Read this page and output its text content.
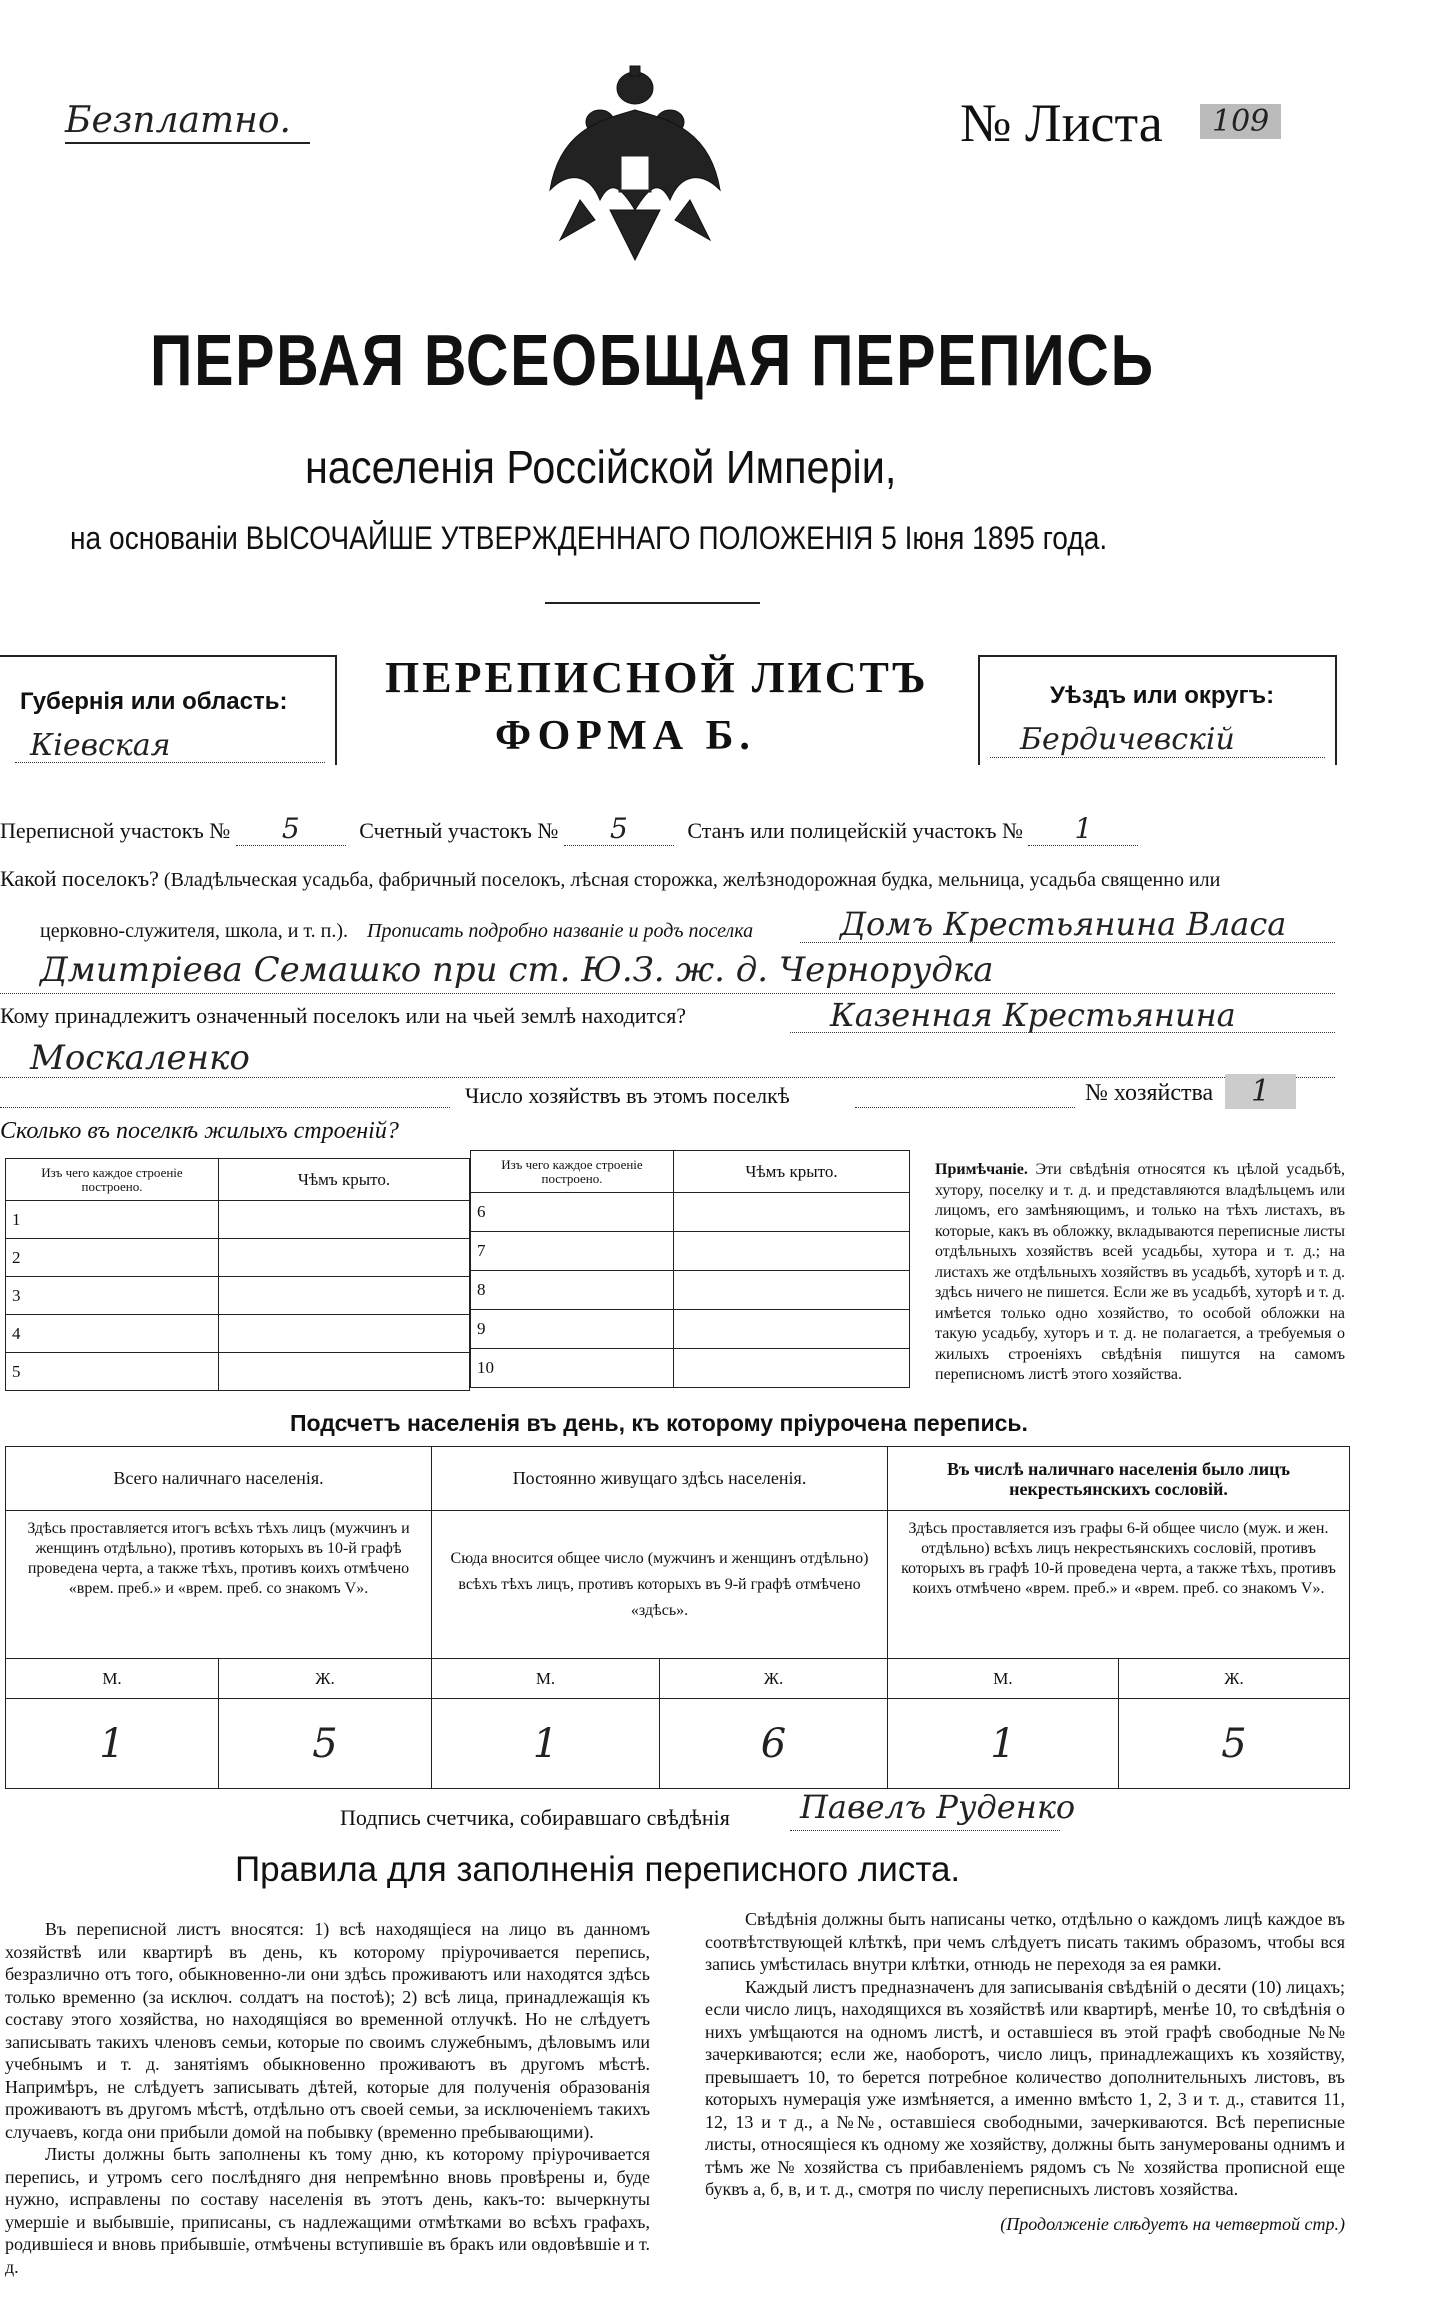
Безплатно.	№ Листа	109
ПЕРВАЯ ВСЕОБЩАЯ ПЕРЕПИСЬ
населенія Россійской Имперіи,
на основаніи ВЫСОЧАЙШЕ УТВЕРЖДЕННАГО ПОЛОЖЕНІЯ 5 Іюня 1895 года.
Губернія или область:
Кіевская
ПЕРЕПИСНОЙ ЛИСТЪ
ФОРМА Б.
Уѣздъ или округъ:
Бердичевскій
Переписной участокъ № 5	Счетный участокъ № 5	Станъ или полицейскій участокъ № 1
Какой поселокъ? (Владѣльческая усадьба, фабричный поселокъ, лѣсная сторожка, желѣзнодорожная будка, мельница, усадьба священно или
церковно-служителя, школа, и т. п.). Прописать подробно названіе и родъ поселка	Домъ Крестьянина Власа
Дмитріева Семашко при ст. Ю.З. ж. д. Чернорудка
Кому принадлежитъ означенный поселокъ или на чьей землѣ находится?	Казенная Крестьянина
Москаленко
Число хозяйствъ въ этомъ поселкѣ	№ хозяйства	1
Сколько въ поселкѣ жилыхъ строеній?
Изъ чего каждое строеніе построено.	Чѣмъ крыто.
1	
2	
3	
4	
5	
Изъ чего каждое строеніе построено.	Чѣмъ крыто.
6	
7	
8	
9	
10	
Примѣчаніе. Эти свѣдѣнія относятся къ цѣлой усадьбѣ, хутору, поселку и т. д. и представляются владѣльцемъ или лицомъ, его замѣняющимъ, и только на тѣхъ листахъ, въ которые, какъ въ обложку, вкладываются переписные листы отдѣльныхъ хозяйствъ всей усадьбы, хутора и т. д.; на листахъ же отдѣльныхъ хозяйствъ въ усадьбѣ, хуторѣ и т. д. здѣсь ничего не пишется. Если же въ усадьбѣ, хуторѣ и т. д. имѣется только одно хозяйство, то особой обложки на такую усадьбу, хуторъ и т. д. не полагается, а требуемыя о жилыхъ строеніяхъ свѣдѣнія пишутся на самомъ переписномъ листѣ этого хозяйства.
Подсчетъ населенія въ день, къ которому пріурочена перепись.
Всего наличнаго населенія.		Постоянно живущаго здѣсь населенія.		Въ числѣ наличнаго населенія было лицъ некрестьянскихъ сословій.	
Здѣсь проставляется итогъ всѣхъ тѣхъ лицъ (мужчинъ и женщинъ отдѣльно), противъ которыхъ въ 10-й графѣ проведена черта, а также тѣхъ, противъ коихъ отмѣчено «врем. преб.» и «врем. преб. со знакомъ V».		Сюда вносится общее число (мужчинъ и женщинъ отдѣльно) всѣхъ тѣхъ лицъ, противъ которыхъ въ 9-й графѣ отмѣчено «здѣсь».		Здѣсь проставляется изъ графы 6-й общее число (муж. и жен. отдѣльно) всѣхъ лицъ некрестьянскихъ сословій, противъ которыхъ въ графѣ 10-й проведена черта, а также тѣхъ, противъ коихъ отмѣчено «врем. преб.» и «врем. преб. со знакомъ V».	
М.	Ж.	М.	Ж.	М.	Ж.
1	5	1	6	1	5
Подпись счетчика, собиравшаго свѣдѣнія Павелъ Руденко
Правила для заполненія переписного листа.
Въ переписной листъ вносятся: 1) всѣ находящіеся на лицо въ данномъ хозяйствѣ или квартирѣ въ день, къ которому пріурочивается перепись, безразлично отъ того, обыкновенно-ли они здѣсь проживаютъ или находятся здѣсь только временно (за исключ. солдатъ на постоѣ); 2) всѣ лица, принадлежащія къ составу этого хозяйства, но находящіяся во временной отлучкѣ. Но не слѣдуетъ записывать такихъ членовъ семьи, которые по своимъ служебнымъ, дѣловымъ или учебнымъ и т. д. занятіямъ обыкновенно проживаютъ въ другомъ мѣстѣ. Напримѣръ, не слѣдуетъ записывать дѣтей, которые для полученія образованія проживаютъ въ другомъ мѣстѣ, отдѣльно отъ своей семьи, за исключеніемъ такихъ случаевъ, когда они прибыли домой на побывку (временно пребывающими).
Листы должны быть заполнены къ тому дню, къ которому пріурочивается перепись, и утромъ сего послѣдняго дня непремѣнно вновь провѣрены и, буде нужно, исправлены по составу населенія въ этотъ день, какъ-то: вычеркнуты умершіе и выбывшіе, приписаны, съ надлежащими отмѣтками во всѣхъ графахъ, родившіеся и вновь прибывшіе, отмѣчены вступившіе въ бракъ или овдовѣвшіе и т. д.
Свѣдѣнія должны быть написаны четко, отдѣльно о каждомъ лицѣ каждое въ соотвѣтствующей клѣткѣ, при чемъ слѣдуетъ писать такимъ образомъ, чтобы вся запись умѣстилась внутри клѣтки, отнюдь не переходя за ея рамки.
Каждый листъ предназначенъ для записыванія свѣдѣній о десяти (10) лицахъ; если число лицъ, находящихся въ хозяйствѣ или квартирѣ, менѣе 10, то свѣдѣнія о нихъ умѣщаются на одномъ листѣ, и оставшіеся въ этой графѣ свободные №№ зачеркиваются; если же, наоборотъ, число лицъ, принадлежащихъ къ хозяйству, превышаетъ 10, то берется потребное количество дополнительныхъ листовъ, въ которыхъ нумерація уже измѣняется, а именно вмѣсто 1, 2, 3 и т. д., ставится 11, 12, 13 и т д., а №№, оставшіеся свободными, зачеркиваются. Всѣ переписные листы, относящіеся къ одному же хозяйству, должны быть занумерованы однимъ и тѣмъ же № хозяйства съ прибавленіемъ рядомъ съ № хозяйства прописной еще буквъ а, б, в, и т. д., смотря по числу переписныхъ листовъ хозяйства.
(Продолженіе слѣдуетъ на четвертой стр.)
